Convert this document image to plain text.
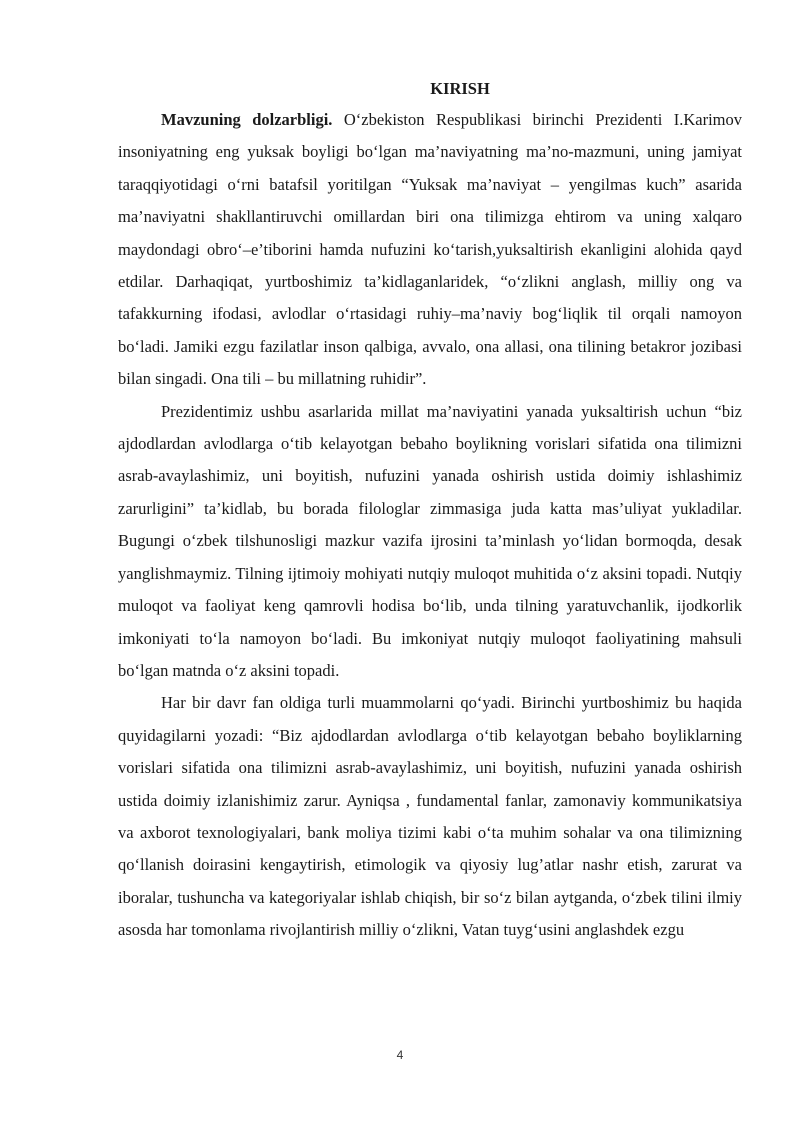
KIRISH

Mavzuning dolzarbligi. O‘zbekiston Respublikasi birinchi Prezidenti I.Karimov insoniyatning eng yuksak boyligi bo‘lgan ma’naviyatning ma’no-mazmuni, uning jamiyat taraqqiyotidagi o‘rni batafsil yoritilgan “Yuksak ma’naviyat – yengilmas kuch” asarida ma’naviyatni shakllantiruvchi omillardan biri ona tilimizga ehtirom va uning xalqaro maydondagi obro‘–e’tiborini hamda nufuzini ko‘tarish,yuksaltirish ekanligini alohida qayd etdilar. Darhaqiqat, yurtboshimiz ta’kidlaganlaridek, “o‘zlikni anglash, milliy ong va tafakkurning ifodasi, avlodlar o‘rtasidagi ruhiy–ma’naviy bog‘liqlik til orqali namoyon bo‘ladi. Jamiki ezgu fazilatlar inson qalbiga, avvalo, ona allasi, ona tilining betakror jozibasi bilan singadi. Ona tili – bu millatning ruhidir”.

Prezidentimiz ushbu asarlarida millat ma’naviyatini yanada yuksaltirish uchun “biz ajdodlardan avlodlarga o‘tib kelayotgan bebaho boylikning vorislari sifatida ona tilimizni asrab-avaylashimiz, uni boyitish, nufuzini yanada oshirish ustida doimiy ishlashimiz zarurligini” ta’kidlab, bu borada filologlar zimmasiga juda katta mas’uliyat yukladilar. Bugungi o‘zbek tilshunosligi mazkur vazifa ijrosini ta’minlash yo‘lidan bormoqda, desak yanglishmaymiz. Tilning ijtimoiy mohiyati nutqiy muloqot muhitida o‘z aksini topadi. Nutqiy muloqot va faoliyat keng qamrovli hodisa bo‘lib, unda tilning yaratuvchanlik, ijodkorlik imkoniyati to‘la namoyon bo‘ladi. Bu imkoniyat nutqiy muloqot faoliyatining mahsuli bo‘lgan matnda o‘z aksini topadi.

Har bir davr fan oldiga turli muammolarni qo‘yadi. Birinchi yurtboshimiz bu haqida quyidagilarni yozadi: “Biz ajdodlardan avlodlarga o‘tib kelayotgan bebaho boyliklarning vorislari sifatida ona tilimizni asrab-avaylashimiz, uni boyitish, nufuzini yanada oshirish ustida doimiy izlanishimiz zarur. Ayniqsa , fundamental fanlar, zamonaviy kommunikatsiya va axborot texnologiyalari, bank moliya tizimi kabi o‘ta muhim sohalar va ona tilimizning qo‘llanish doirasini kengaytirish, etimologik va qiyosiy lug’atlar nashr etish, zarurat va iboralar, tushuncha va kategoriyalar ishlab chiqish, bir so‘z bilan aytganda, o‘zbek tilini ilmiy asosda har tomonlama rivojlantirish milliy o‘zlikni, Vatan tuyg‘usini anglashdek ezgu

4
